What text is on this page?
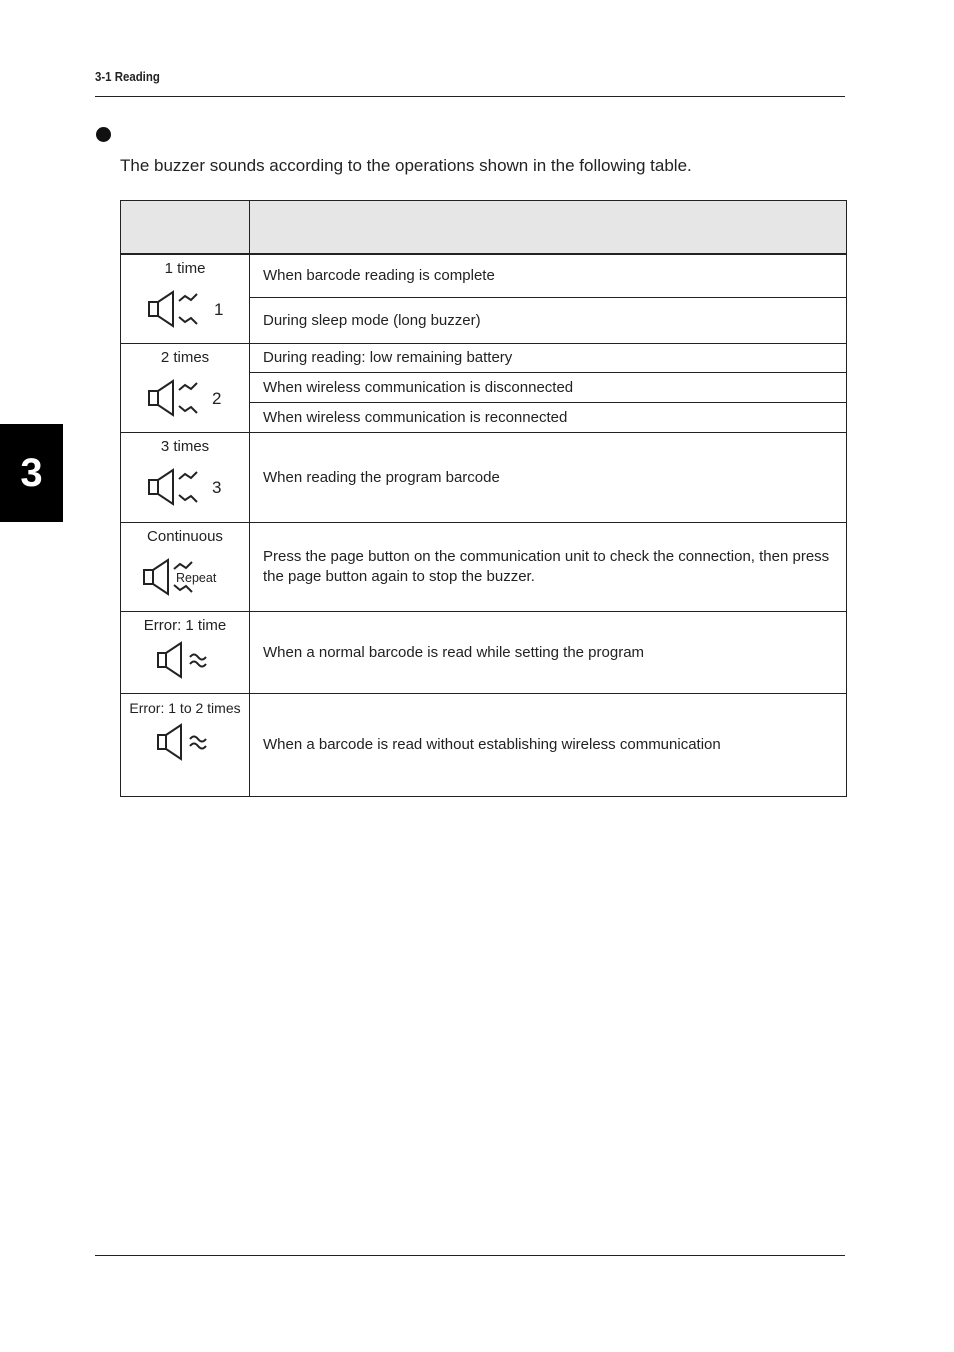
3-1 Reading
3
The buzzer sounds according to the operations shown in the following table.

1 time
1	When barcode reading is complete
	During sleep mode (long buzzer)

2 times
2	During reading: low remaining battery
	When wireless communication is disconnected
	When wireless communication is reconnected

3 times
3	When reading the program barcode

Continuous
Repeat	Press the page button on the communication unit to check the connection, then press the page button again to stop the buzzer.

Error: 1 time	When a normal barcode is read while setting the program

Error: 1 to 2 times	When a barcode is read without establishing wireless communication
